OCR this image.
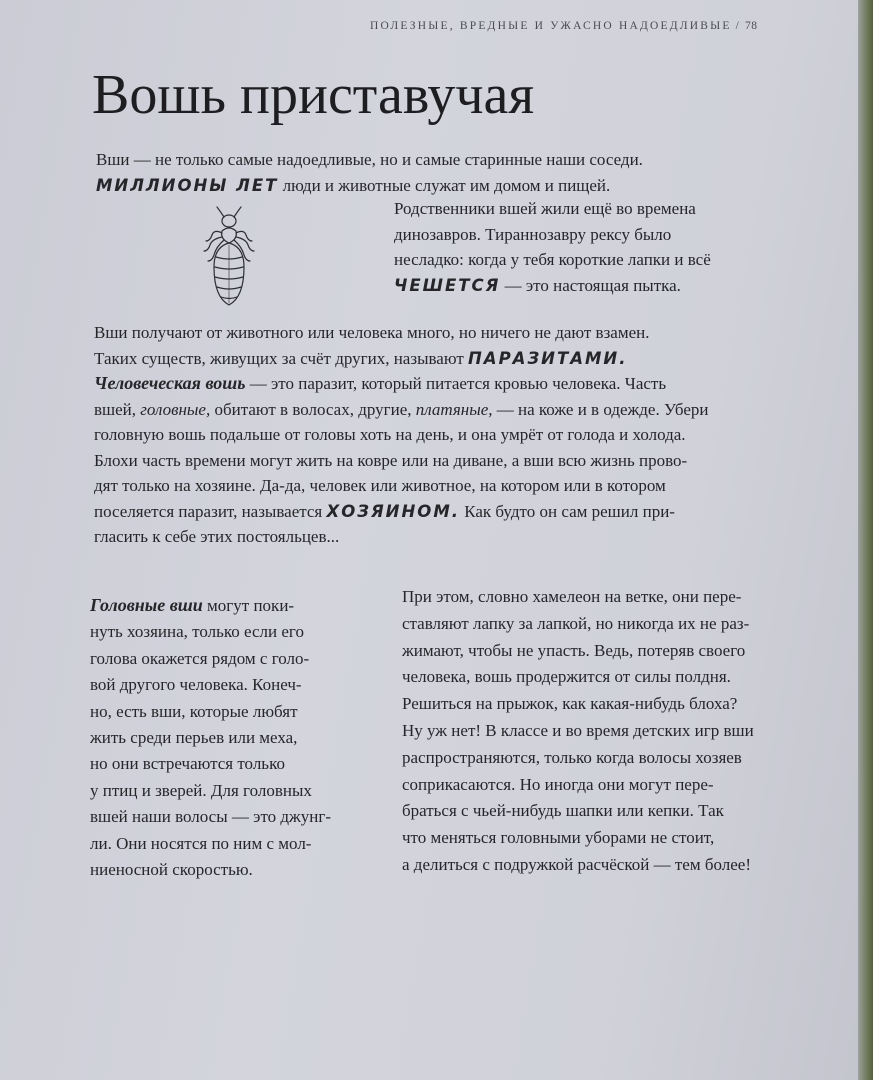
ПОЛЕЗНЫЕ, ВРЕДНЫЕ И УЖАСНО НАДОЕДЛИВЫЕ / 78
Вошь приставучая

Вши — не только самые надоедливые, но и самые старинные наши соседи.
МИЛЛИОНЫ ЛЕТ люди и животные служат им домом и пищей.

Родственники вшей жили ещё во времена
динозавров. Тираннозавру рексу было
несладко: когда у тебя короткие лапки и всё
ЧЕШЕТСЯ — это настоящая пытка.

Вши получают от животного или человека много, но ничего не дают взамен.
Таких существ, живущих за счёт других, называют ПАРАЗИТАМИ.
Человеческая вошь — это паразит, который питается кровью человека. Часть
вшей, головные, обитают в волосах, другие, платяные, — на коже и в одежде. Убери
головную вошь подальше от головы хоть на день, и она умрёт от голода и холода.
Блохи часть времени могут жить на ковре или на диване, а вши всю жизнь прово-
дят только на хозяине. Да-да, человек или животное, на котором или в котором
поселяется паразит, называется ХОЗЯИНОМ. Как будто он сам решил при-
гласить к себе этих постояльцев...

Головные вши могут поки-
нуть хозяина, только если его
голова окажется рядом с голо-
вой другого человека. Конеч-
но, есть вши, которые любят
жить среди перьев или меха,
но они встречаются только
у птиц и зверей. Для головных
вшей наши волосы — это джунг-
ли. Они носятся по ним с мол-
ниеносной скоростью.

При этом, словно хамелеон на ветке, они пере-
ставляют лапку за лапкой, но никогда их не раз-
жимают, чтобы не упасть. Ведь, потеряв своего
человека, вошь продержится от силы полдня.
Решиться на прыжок, как какая-нибудь блоха?
Ну уж нет! В классе и во время детских игр вши
распространяются, только когда волосы хозяев
соприкасаются. Но иногда они могут пере-
браться с чьей-нибудь шапки или кепки. Так
что меняться головными уборами не стоит,
а делиться с подружкой расчёской — тем более!
